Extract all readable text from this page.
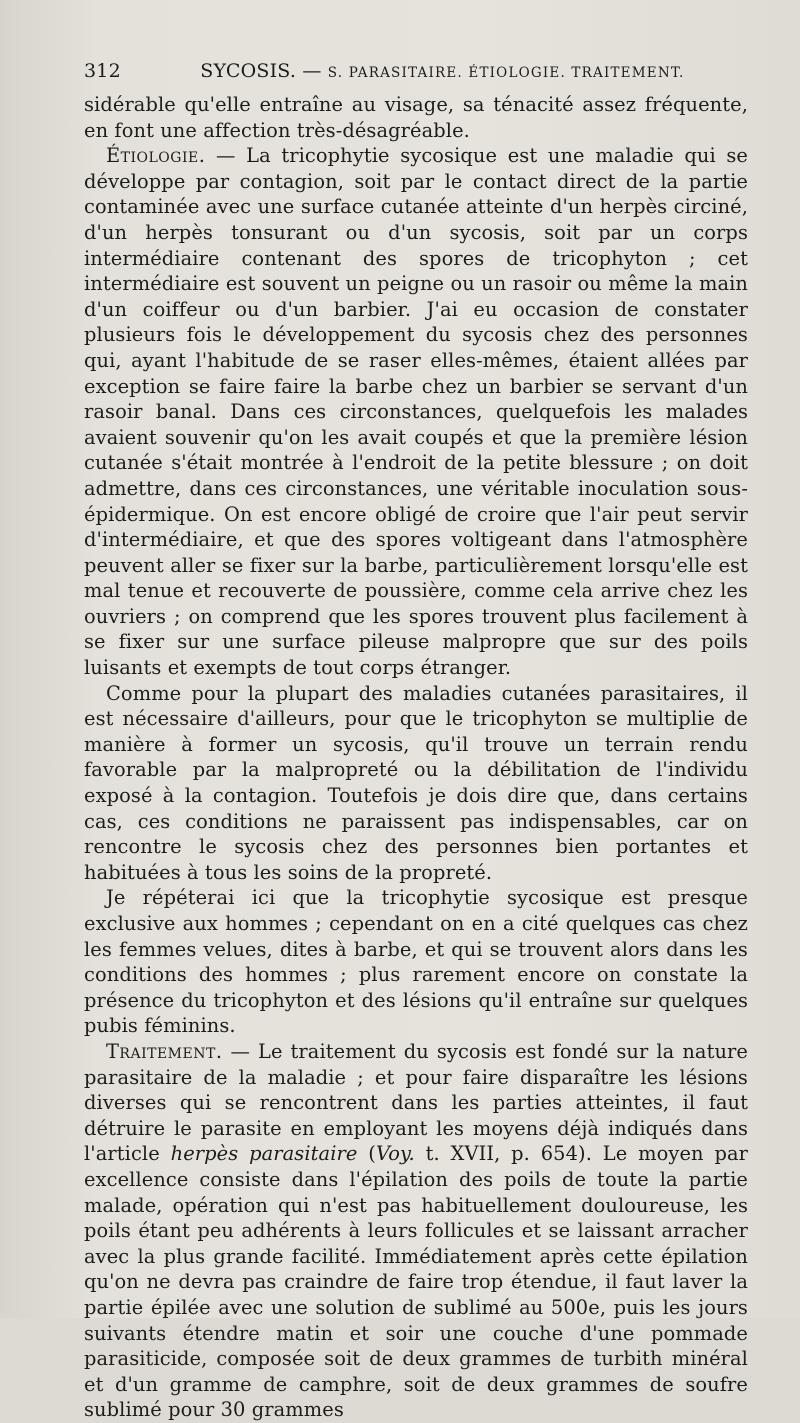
312	SYCOSIS. — S. PARASITAIRE. ÉTIOLOGIE. TRAITEMENT.

sidérable qu'elle entraîne au visage, sa ténacité assez fréquente, en font une affection très-désagréable.

Étiologie. — La tricophytie sycosique est une maladie qui se développe par contagion, soit par le contact direct de la partie contaminée avec une surface cutanée atteinte d'un herpès circiné, d'un herpès tonsurant ou d'un sycosis, soit par un corps intermédiaire contenant des spores de tricophyton ; cet intermédiaire est souvent un peigne ou un rasoir ou même la main d'un coiffeur ou d'un barbier. J'ai eu occasion de constater plusieurs fois le développement du sycosis chez des personnes qui, ayant l'habitude de se raser elles-mêmes, étaient allées par exception se faire faire la barbe chez un barbier se servant d'un rasoir banal. Dans ces circonstances, quelquefois les malades avaient souvenir qu'on les avait coupés et que la première lésion cutanée s'était montrée à l'endroit de la petite blessure ; on doit admettre, dans ces circonstances, une véritable inoculation sous-épidermique. On est encore obligé de croire que l'air peut servir d'intermédiaire, et que des spores voltigeant dans l'atmosphère peuvent aller se fixer sur la barbe, particulièrement lorsqu'elle est mal tenue et recouverte de poussière, comme cela arrive chez les ouvriers ; on comprend que les spores trouvent plus facilement à se fixer sur une surface pileuse malpropre que sur des poils luisants et exempts de tout corps étranger.

Comme pour la plupart des maladies cutanées parasitaires, il est nécessaire d'ailleurs, pour que le tricophyton se multiplie de manière à former un sycosis, qu'il trouve un terrain rendu favorable par la malpropreté ou la débilitation de l'individu exposé à la contagion. Toutefois je dois dire que, dans certains cas, ces conditions ne paraissent pas indispensables, car on rencontre le sycosis chez des personnes bien portantes et habituées à tous les soins de la propreté.

Je répéterai ici que la tricophytie sycosique est presque exclusive aux hommes ; cependant on en a cité quelques cas chez les femmes velues, dites à barbe, et qui se trouvent alors dans les conditions des hommes ; plus rarement encore on constate la présence du tricophyton et des lésions qu'il entraîne sur quelques pubis féminins.

Traitement. — Le traitement du sycosis est fondé sur la nature parasitaire de la maladie ; et pour faire disparaître les lésions diverses qui se rencontrent dans les parties atteintes, il faut détruire le parasite en employant les moyens déjà indiqués dans l'article herpès parasitaire (Voy. t. XVII, p. 654). Le moyen par excellence consiste dans l'épilation des poils de toute la partie malade, opération qui n'est pas habituellement douloureuse, les poils étant peu adhérents à leurs follicules et se laissant arracher avec la plus grande facilité. Immédiatement après cette épilation qu'on ne devra pas craindre de faire trop étendue, il faut laver la partie épilée avec une solution de sublimé au 500e, puis les jours suivants étendre matin et soir une couche d'une pommade parasiticide, composée soit de deux grammes de turbith minéral et d'un gramme de camphre, soit de deux grammes de soufre sublimé pour 30 grammes
